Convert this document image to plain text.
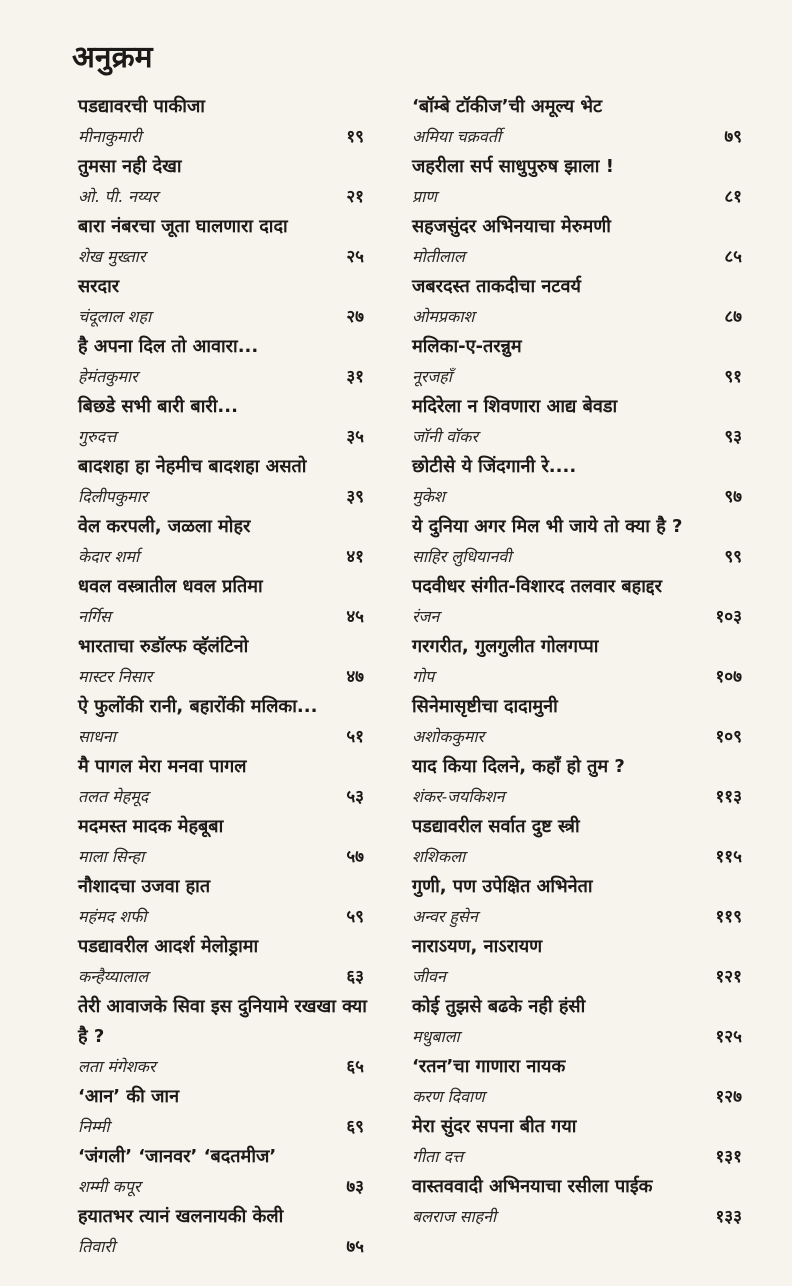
अनुक्रम
पडद्यावरची पाकीजा
मीनाकुमारी	१९
तुमसा नही देखा
ओ. पी. नय्यर	२१
बारा नंबरचा जूता घालणारा दादा
शेख मुख्तार	२५
सरदार
चंदूलाल शहा	२७
है अपना दिल तो आवारा...
हेमंतकुमार	३१
बिछडे सभी बारी बारी...
गुरुदत्त	३५
बादशहा हा नेहमीच बादशहा असतो
दिलीपकुमार	३९
वेल करपली, जळला मोहर
केदार शर्मा	४१
धवल वस्त्रातील धवल प्रतिमा
नर्गिस	४५
भारताचा रुडॉल्फ व्हॅलंटिनो
मास्टर निसार	४७
ऐ फुलोंकी रानी, बहारोंकी मलिका...
साधना	५१
मै पागल मेरा मनवा पागल
तलत मेहमूद	५३
मदमस्त मादक मेहबूबा
माला सिन्हा	५७
नौशादचा उजवा हात
महंमद शफी	५९
पडद्यावरील आदर्श मेलोड्रामा
कन्हैय्यालाल	६३
तेरी आवाजके सिवा इस दुनियामे रखखा क्या है ?
लता मंगेशकर	६५
‘आन’ की जान
निम्मी	६९
‘जंगली’ ‘जानवर’ ‘बदतमीज’
शम्मी कपूर	७३
हयातभर त्यानं खलनायकी केली
तिवारी	७५
‘बॉम्बे टॉकीज’ची अमूल्य भेट
अमिया चक्रवर्ती	७९
जहरीला सर्प साधुपुरुष झाला !
प्राण	८१
सहजसुंदर अभिनयाचा मेरुमणी
मोतीलाल	८५
जबरदस्त ताकदीचा नटवर्य
ओमप्रकाश	८७
मलिका-ए-तरन्नुम
नूरजहाँ	९१
मदिरेला न शिवणारा आद्य बेवडा
जॉनी वॉकर	९३
छोटीसे ये जिंदगानी रे....
मुकेश	९७
ये दुनिया अगर मिल भी जाये तो क्या है ?
साहिर लुधियानवी	९९
पदवीधर संगीत-विशारद तलवार बहाद्दर
रंजन	१०३
गरगरीत, गुलगुलीत गोलगप्पा
गोप	१०७
सिनेमासृष्टीचा दादामुनी
अशोककुमार	१०९
याद किया दिलने, कहाँ हो तुम ?
शंकर-जयकिशन	११३
पडद्यावरील सर्वात दुष्ट स्त्री
शशिकला	११५
गुणी, पण उपेक्षित अभिनेता
अन्वर हुसेन	११९
नाराऽयण, नाऽरायण
जीवन	१२१
कोई तुझसे बढके नही हंसी
मधुबाला	१२५
‘रतन’चा गाणारा नायक
करण दिवाण	१२७
मेरा सुंदर सपना बीत गया
गीता दत्त	१३१
वास्तववादी अभिनयाचा रसीला पाईक
बलराज साहनी	१३३
